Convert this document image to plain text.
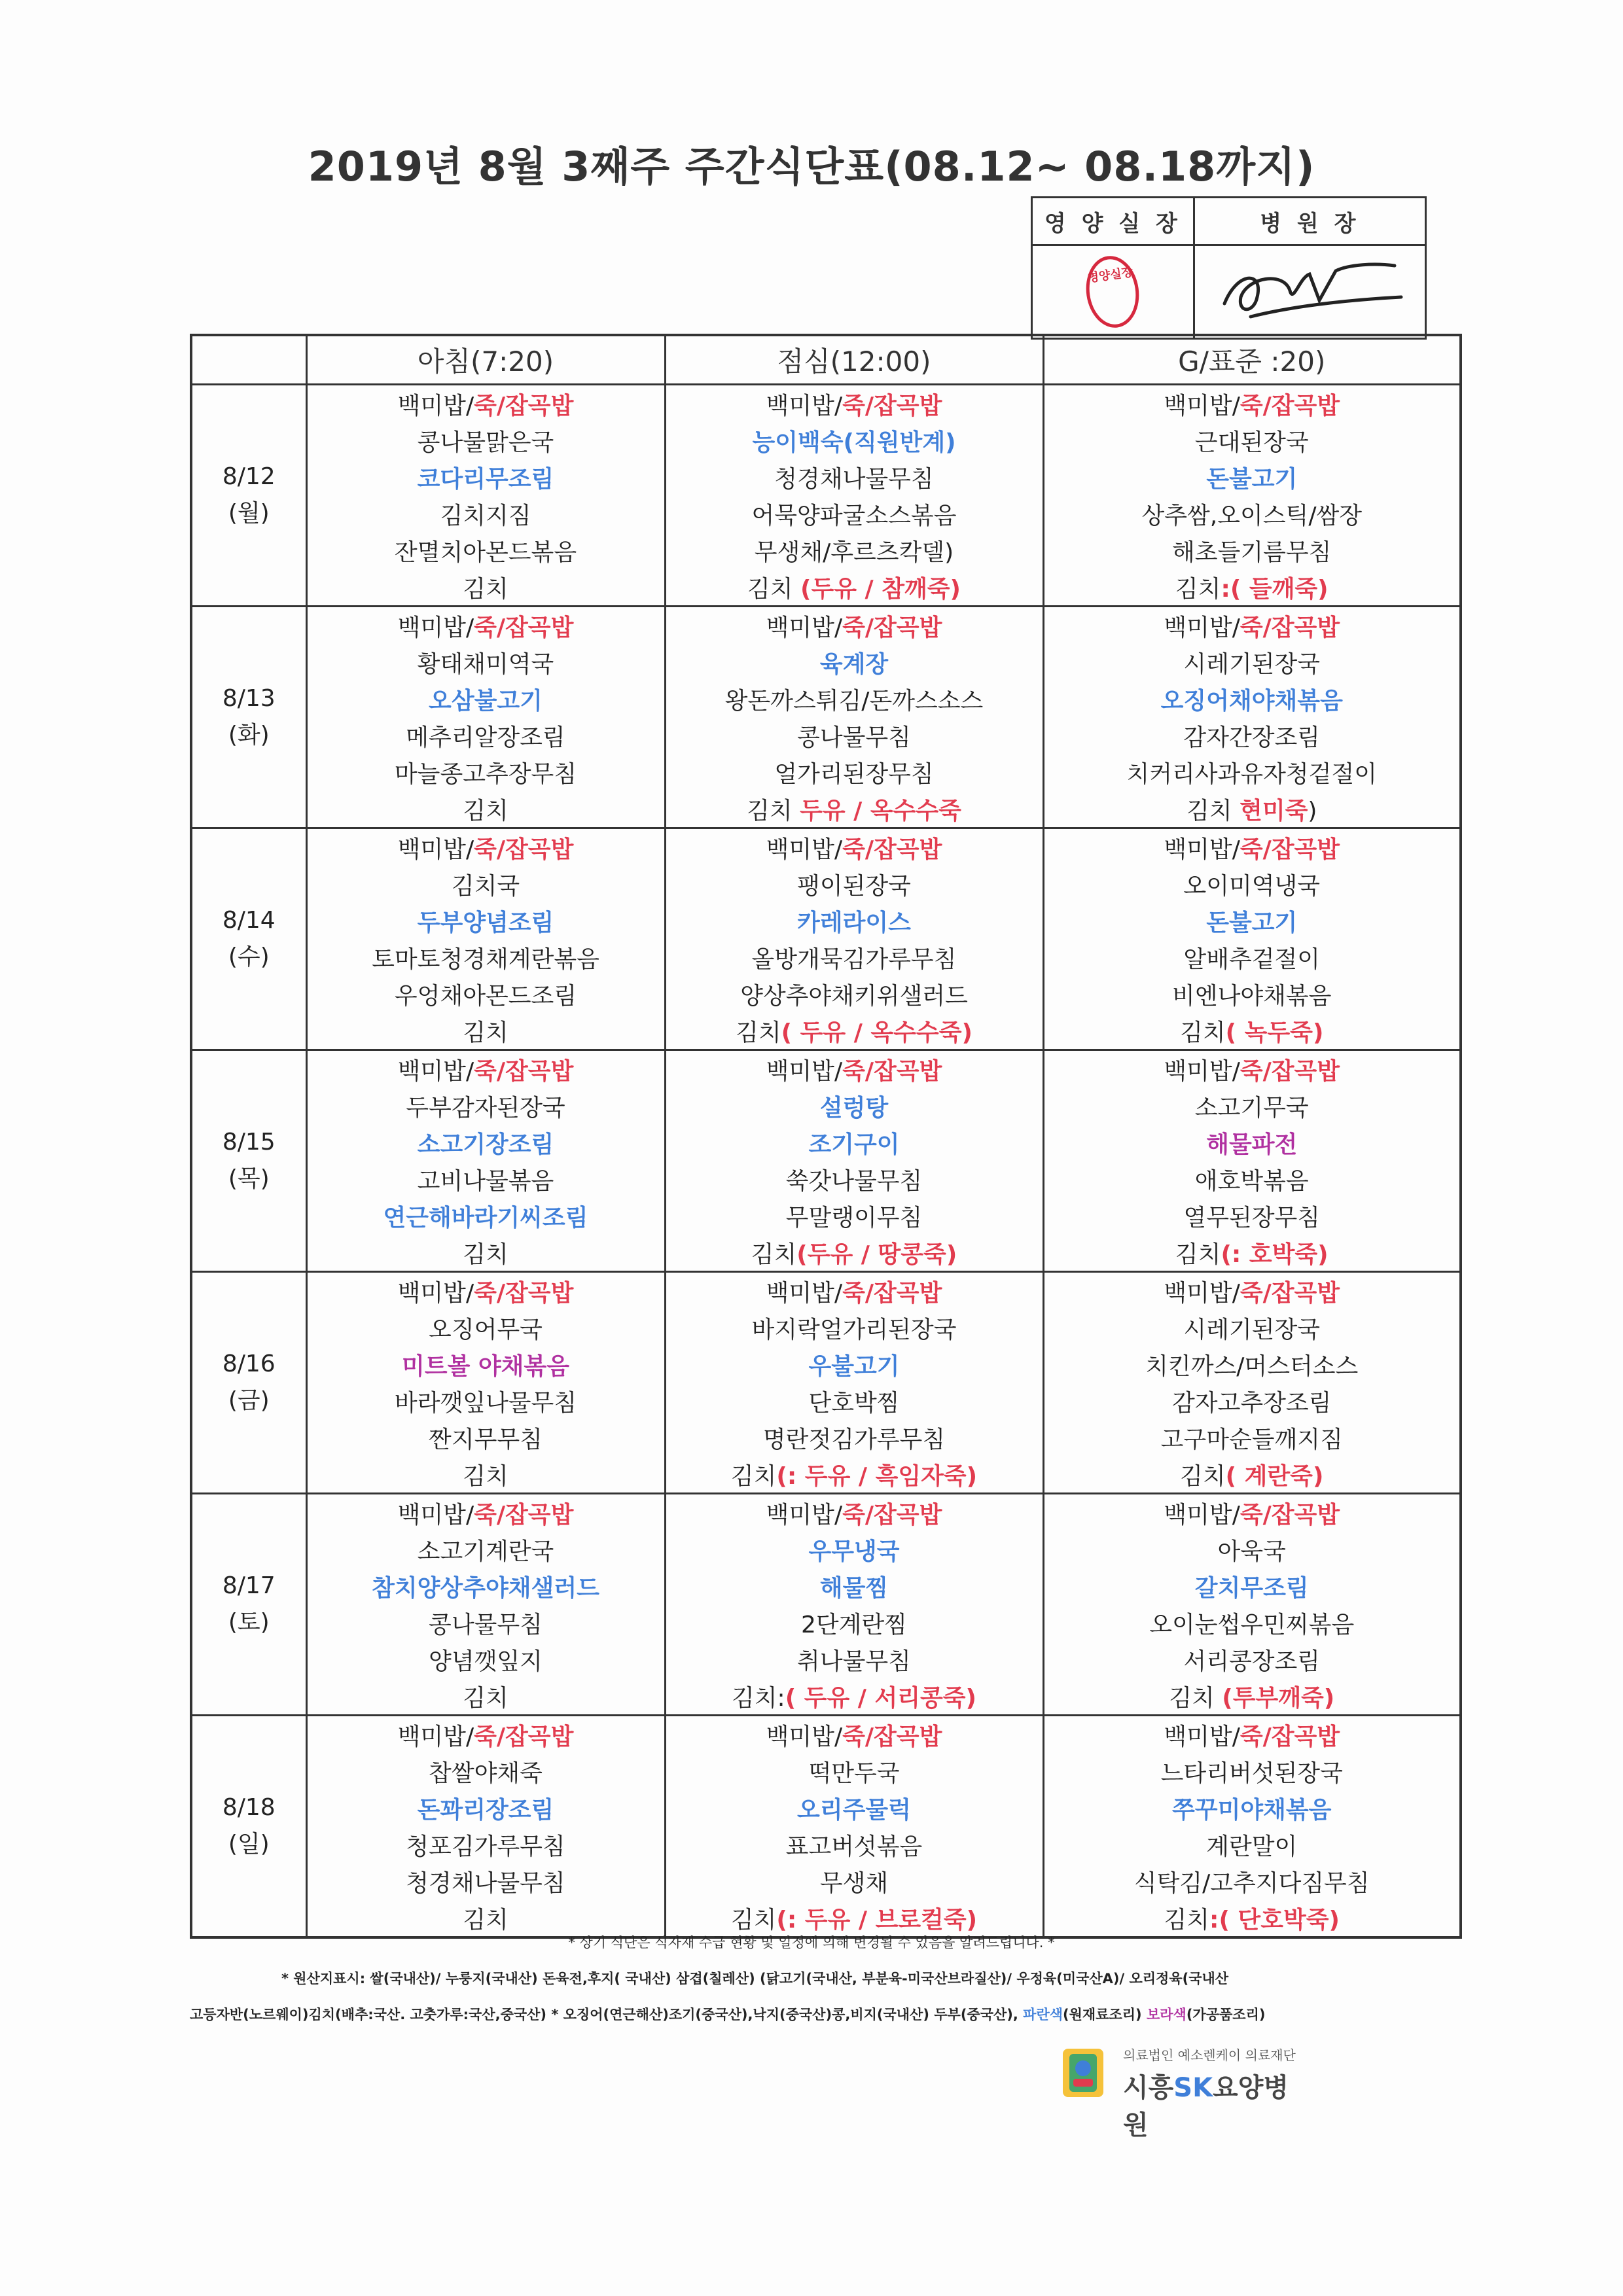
2019년 8월 3째주 주간식단표(08.12~ 08.18까지)
영 양 실 장	병 원 장
영양실장	
	아침(7:20)	점심(12:00)	G/표준 :20)

8/12
(월)	백미밥/죽/잡곡밥	백미밥/죽/잡곡밥	백미밥/죽/잡곡밥
	콩나물맑은국	능이백숙(직원반계)	근대된장국
	코다리무조림	청경채나물무침	돈불고기
	김치지짐	어묵양파굴소스볶음	상추쌈,오이스틱/쌈장
	잔멸치아몬드볶음	무생채/후르츠칵델)	해초들기름무침
	김치	김치 (두유 / 참깨죽)	김치:( 들깨죽)

8/13
(화)	백미밥/죽/잡곡밥	백미밥/죽/잡곡밥	백미밥/죽/잡곡밥
	황태채미역국	육계장	시레기된장국
	오삼불고기	왕돈까스튀김/돈까스소스	오징어채야채볶음
	메추리알장조림	콩나물무침	감자간장조림
	마늘종고추장무침	얼가리된장무침	치커리사과유자청겉절이
	김치	김치 두유 / 옥수수죽	김치 현미죽)

8/14
(수)	백미밥/죽/잡곡밥	백미밥/죽/잡곡밥	백미밥/죽/잡곡밥
	김치국	팽이된장국	오이미역냉국
	두부양념조림	카레라이스	돈불고기
	토마토청경채계란볶음	올방개묵김가루무침	알배추겉절이
	우엉채아몬드조림	양상추야채키위샐러드	비엔나야채볶음
	김치	김치( 두유 / 옥수수죽)	김치( 녹두죽)

8/15
(목)	백미밥/죽/잡곡밥	백미밥/죽/잡곡밥	백미밥/죽/잡곡밥
	두부감자된장국	설렁탕	소고기무국
	소고기장조림	조기구이	해물파전
	고비나물볶음	쑥갓나물무침	애호박볶음
	연근해바라기씨조림	무말랭이무침	열무된장무침
	김치	김치(두유 / 땅콩죽)	김치(: 호박죽)

8/16
(금)	백미밥/죽/잡곡밥	백미밥/죽/잡곡밥	백미밥/죽/잡곡밥
	오징어무국	바지락얼가리된장국	시레기된장국
	미트볼 야채볶음	우불고기	치킨까스/머스터소스
	바라깻잎나물무침	단호박찜	감자고추장조림
	짠지무무침	명란젓김가루무침	고구마순들깨지짐
	김치	김치(: 두유 / 흑임자죽)	김치( 계란죽)

8/17
(토)	백미밥/죽/잡곡밥	백미밥/죽/잡곡밥	백미밥/죽/잡곡밥
	소고기계란국	우무냉국	아욱국
	참치양상추야채샐러드	해물찜	갈치무조림
	콩나물무침	2단계란찜	오이눈썹우민찌볶음
	양념깻잎지	취나물무침	서리콩장조림
	김치	김치:( 두유 / 서리콩죽)	김치 (투부깨죽)

8/18
(일)	백미밥/죽/잡곡밥	백미밥/죽/잡곡밥	백미밥/죽/잡곡밥
	찹쌀야채죽	떡만두국	느타리버섯된장국
	돈꽈리장조림	오리주물럭	쭈꾸미야채볶음
	청포김가루무침	표고버섯볶음	계란말이
	청경채나물무침	무생채	식탁김/고추지다짐무침
	김치	김치(: 두유 / 브로컬죽)	김치:( 단호박죽)
* 상기 식단은 식자재 수급 현황 및 일정에 의해 변경될 수 있음을 알려드립니다. *
* 원산지표시: 쌀(국내산)/ 누룽지(국내산) 돈육전,후지( 국내산) 삼겹(칠레산) (닭고기(국내산, 부분육-미국산브라질산)/ 우정육(미국산A)/ 오리정육(국내산
고등자반(노르웨이)김치(배추:국산. 고춧가루:국산,중국산) * 오징어(연근해산)조기(중국산),낙지(중국산)콩,비지(국내산) 두부(중국산), 파란색(원재료조리) 보라색(가공품조리)
의료법인 예소렌케이 의료재단
시흥SK요양병원
